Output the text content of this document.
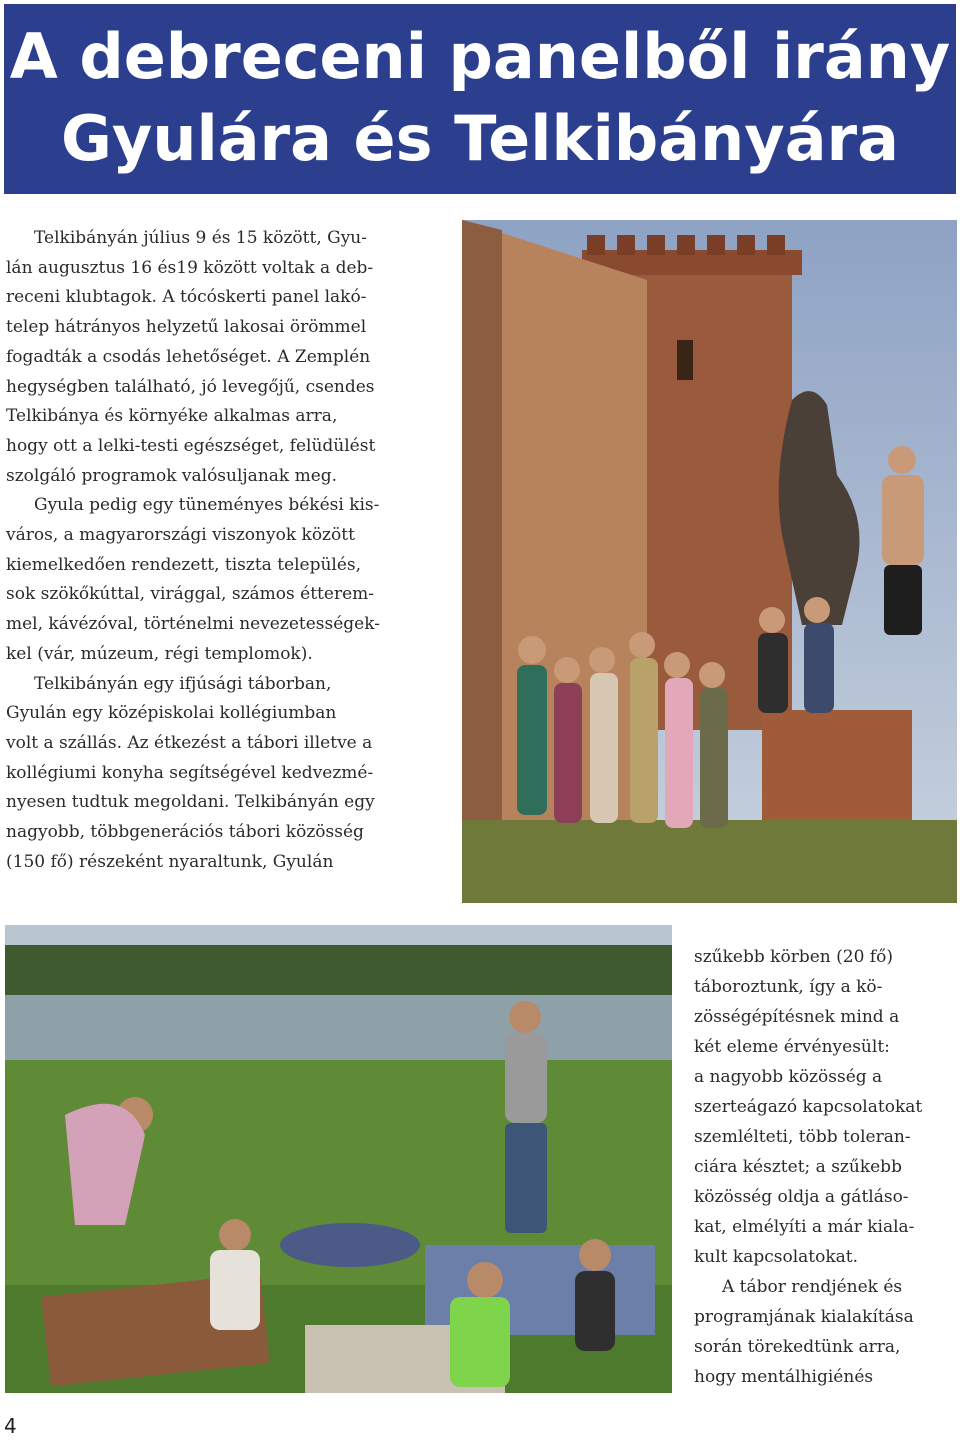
A debreceni panelből irány
Gyulára és Telkibányára
Telkibányán július 9 és 15 között, Gyu-
lán augusztus 16 és19 között voltak a deb-
receni klubtagok. A tócóskerti panel lakó-
telep hátrányos helyzetű lakosai örömmel
fogadták a csodás lehetőséget. A Zemplén
hegységben található, jó levegőjű, csendes
Telkibánya és környéke alkalmas arra,
hogy ott a lelki-testi egészséget, felüdülést
szolgáló programok valósuljanak meg.
Gyula pedig egy tüneményes békési kis-
város, a magyarországi viszonyok között
kiemelkedően rendezett, tiszta település,
sok szökőkúttal, virággal, számos étterem-
mel, kávézóval, történelmi nevezetességek-
kel (vár, múzeum, régi templomok).
Telkibányán egy ifjúsági táborban,
Gyulán egy középiskolai kollégiumban
volt a szállás. Az étkezést a tábori illetve a
kollégiumi konyha segítségével kedvezmé-
nyesen tudtuk megoldani. Telkibányán egy
nagyobb, többgenerációs tábori közösség
(150 fő) részeként nyaraltunk, Gyulán
szűkebb körben (20 fő)
táboroztunk, így a kö-
zösségépítésnek mind a
két eleme érvényesült:
a nagyobb közösség a
szerteágazó kapcsolatokat
szemlélteti, több toleran-
ciára késztet; a szűkebb
közösség oldja a gátláso-
kat, elmélyíti a már kiala-
kult kapcsolatokat.
A tábor rendjének és
programjának kialakítása
során törekedtünk arra,
hogy mentálhigiénés
4
